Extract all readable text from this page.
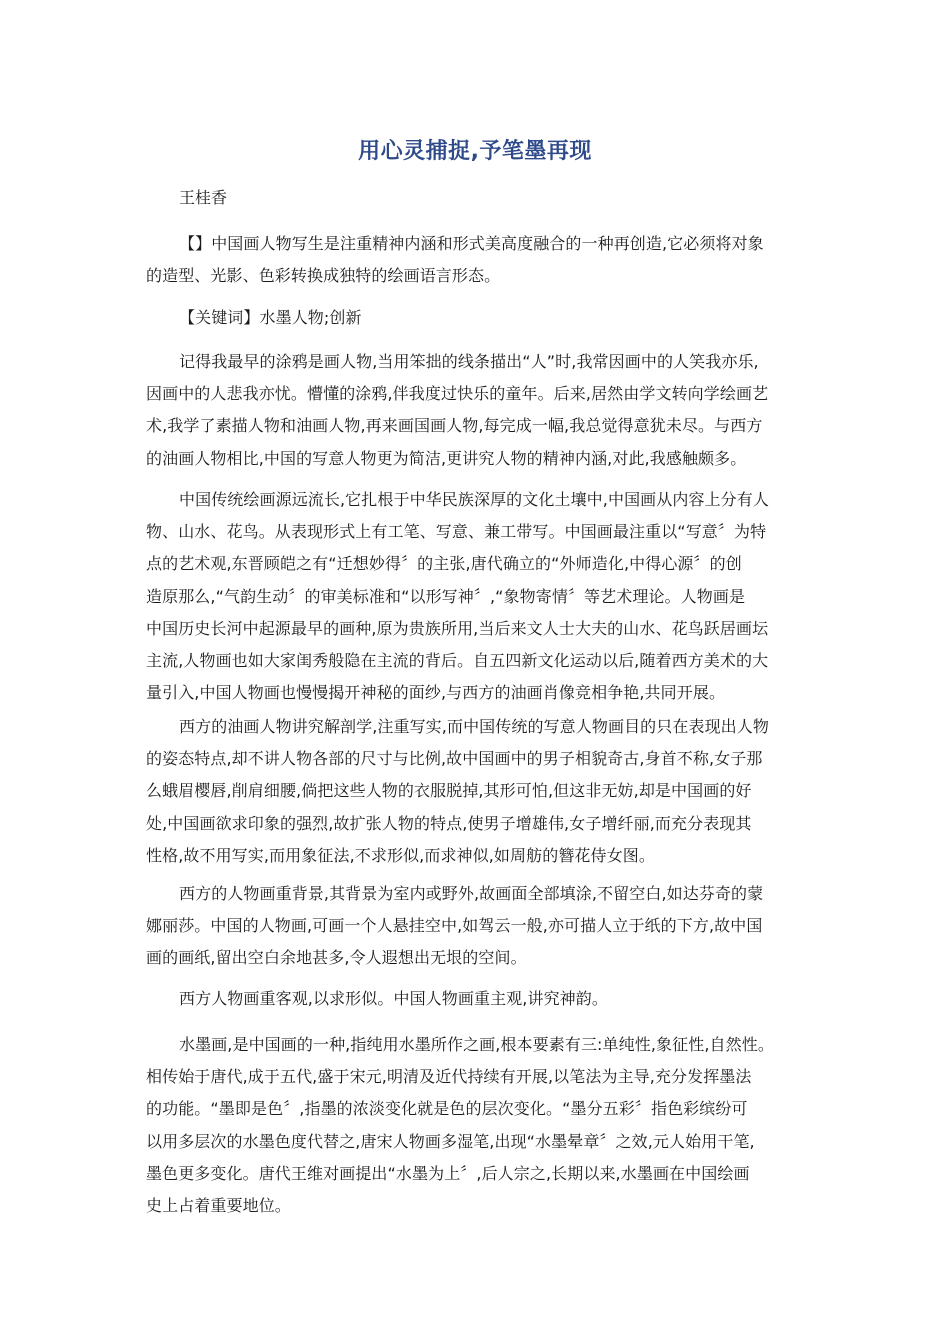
用心灵捕捉,予笔墨再现
王桂香

【】中国画人物写生是注重精神内涵和形式美高度融合的一种再创造,它必须将对象
的造型、光影、色彩转换成独特的绘画语言形态。

【关键词】水墨人物;创新

记得我最早的涂鸦是画人物,当用笨拙的线条描出“人”时,我常因画中的人笑我亦乐,
因画中的人悲我亦忧。懵懂的涂鸦,伴我度过快乐的童年。后来,居然由学文转向学绘画艺
术,我学了素描人物和油画人物,再来画国画人物,每完成一幅,我总觉得意犹未尽。与西方
的油画人物相比,中国的写意人物更为简洁,更讲究人物的精神内涵,对此,我感触颇多。

中国传统绘画源远流长,它扎根于中华民族深厚的文化土壤中,中国画从内容上分有人
物、山水、花鸟。从表现形式上有工笔、写意、兼工带写。中国画最注重以“写意〞为特
点的艺术观,东晋顾皑之有“迁想妙得〞的主张,唐代确立的“外师造化,中得心源〞的创
造原那么,“气韵生动〞的审美标准和“以形写神〞,“象物寄情〞等艺术理论。人物画是
中国历史长河中起源最早的画种,原为贵族所用,当后来文人士大夫的山水、花鸟跃居画坛
主流,人物画也如大家闺秀般隐在主流的背后。自五四新文化运动以后,随着西方美术的大
量引入,中国人物画也慢慢揭开神秘的面纱,与西方的油画肖像竞相争艳,共同开展。

西方的油画人物讲究解剖学,注重写实,而中国传统的写意人物画目的只在表现出人物
的姿态特点,却不讲人物各部的尺寸与比例,故中国画中的男子相貌奇古,身首不称,女子那
么蛾眉樱唇,削肩细腰,倘把这些人物的衣服脱掉,其形可怕,但这非无妨,却是中国画的好
处,中国画欲求印象的强烈,故扩张人物的特点,使男子增雄伟,女子增纤丽,而充分表现其
性格,故不用写实,而用象征法,不求形似,而求神似,如周舫的簪花侍女图。

西方的人物画重背景,其背景为室内或野外,故画面全部填涂,不留空白,如达芬奇的蒙
娜丽莎。中国的人物画,可画一个人悬挂空中,如驾云一般,亦可描人立于纸的下方,故中国
画的画纸,留出空白余地甚多,令人遐想出无垠的空间。

西方人物画重客观,以求形似。中国人物画重主观,讲究神韵。

水墨画,是中国画的一种,指纯用水墨所作之画,根本要素有三:单纯性,象征性,自然性。
相传始于唐代,成于五代,盛于宋元,明清及近代持续有开展,以笔法为主导,充分发挥墨法
的功能。“墨即是色〞,指墨的浓淡变化就是色的层次变化。“墨分五彩〞指色彩缤纷可
以用多层次的水墨色度代替之,唐宋人物画多湿笔,出现“水墨晕章〞之效,元人始用干笔,
墨色更多变化。唐代王维对画提出“水墨为上〞,后人宗之,长期以来,水墨画在中国绘画
史上占着重要地位。
